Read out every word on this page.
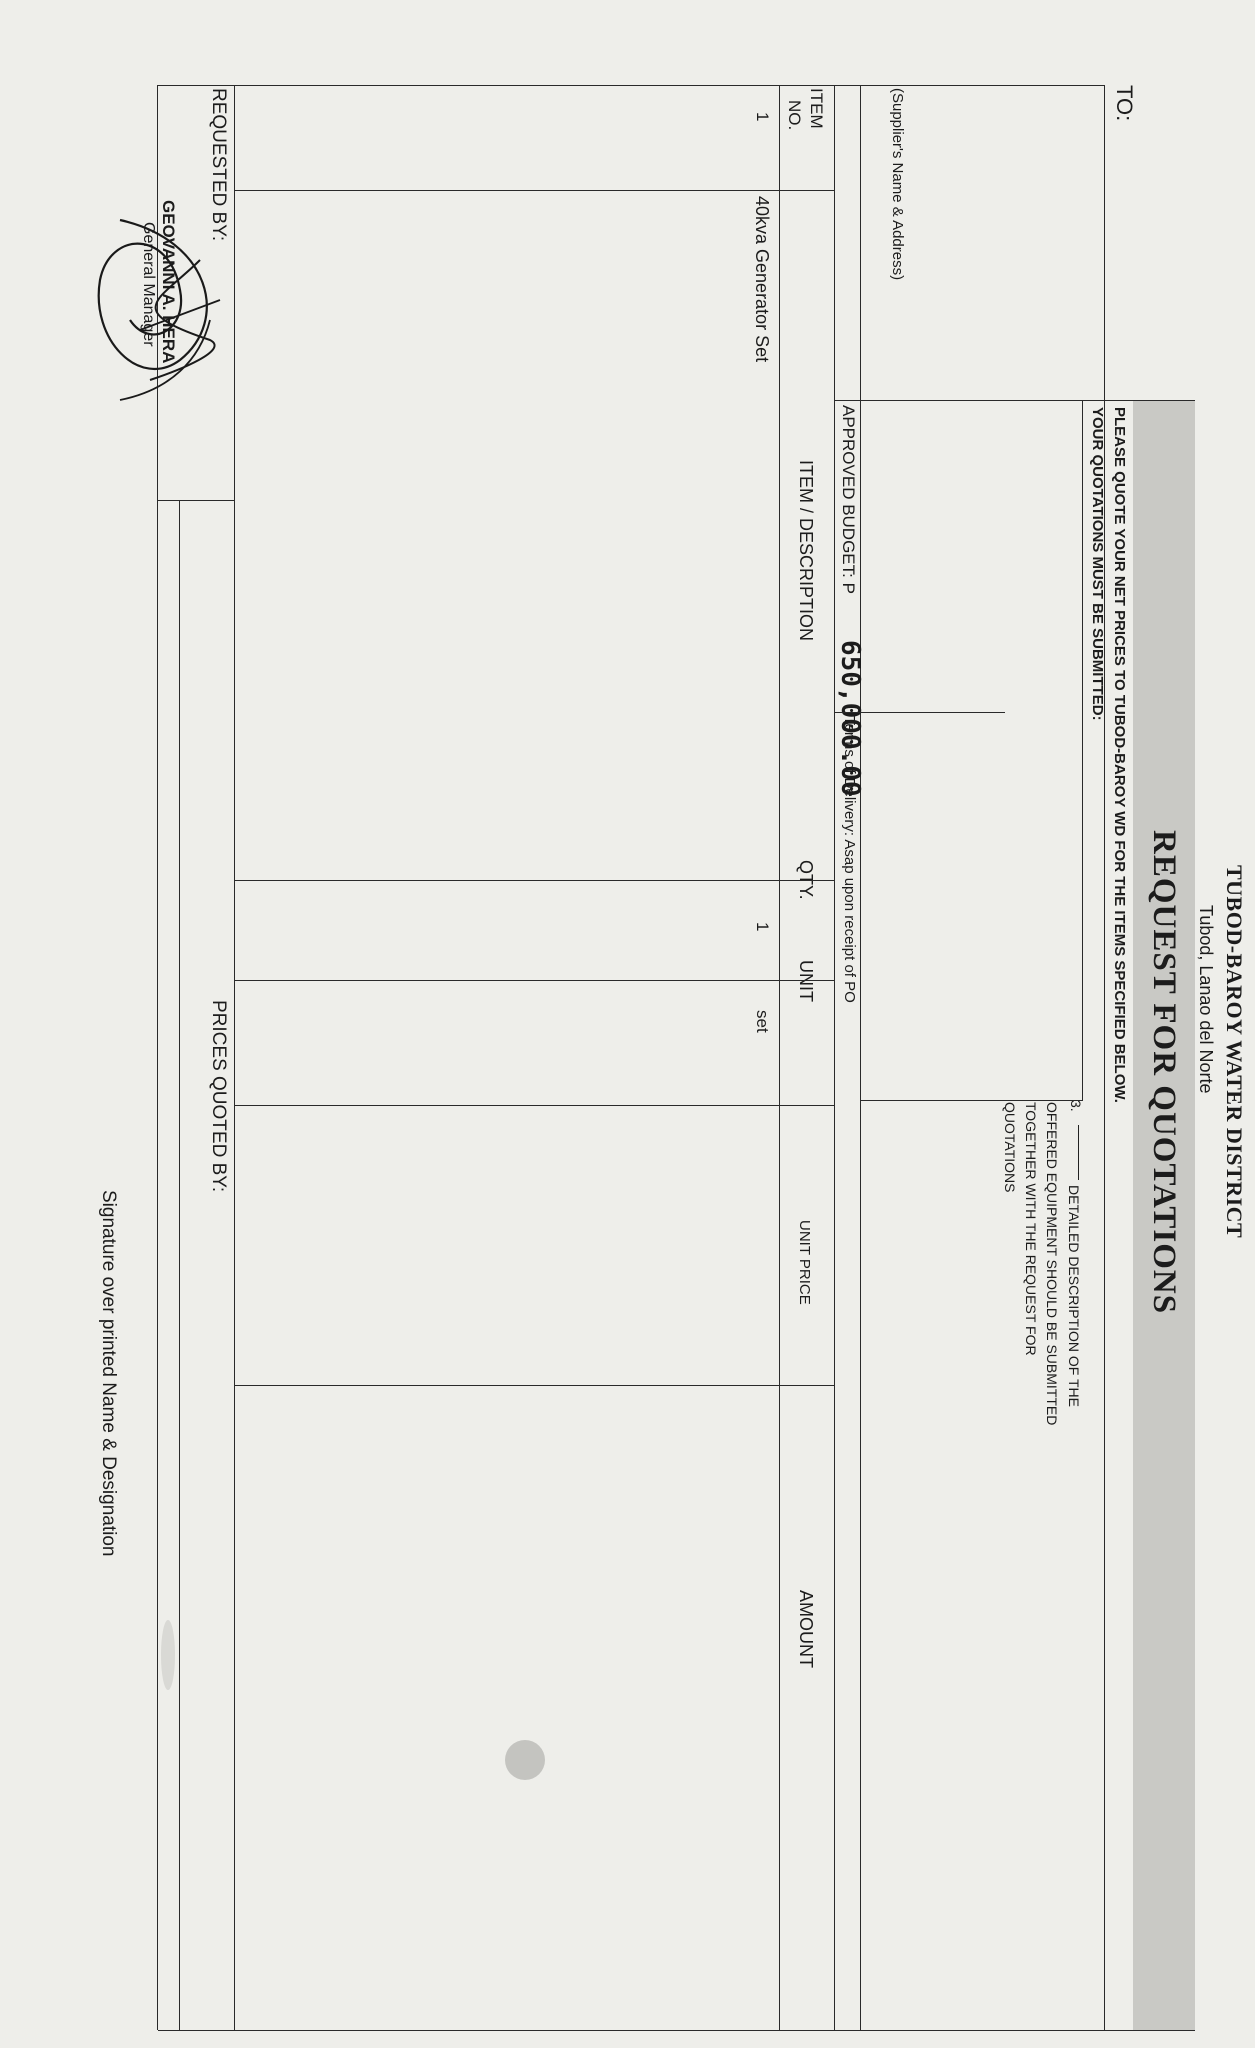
TUBOD-BAROY WATER DISTRICT
Tubod, Lanao del Norte
REQUEST FOR QUOTATIONS
TO:
PLEASE QUOTE YOUR NET PRICES TO TUBOD-BAROY WD FOR THE ITEMS SPECIFIED BELOW.
YOUR QUOTATIONS MUST BE SUBMITTED:
3.
DETAILED DESCRIPTION OF THE
OFFERED EQUIPMENT SHOULD BE SUBMITTED
TOGETHER WITH THE REQUEST FOR
QUOTATIONS
(Supplier's Name & Address)
APPROVED BUDGET: P
650,000.00
Terms of Delivery: Asap upon receipt of PO
ITEM
NO.
ITEM / DESCRIPTION
QTY.
UNIT
UNIT PRICE
AMOUNT
1
40kva Generator Set
1
set
REQUESTED BY:
PRICES QUOTED BY:
GEOVANNI A. HERA
General Manager
Signature over printed Name & Designation
